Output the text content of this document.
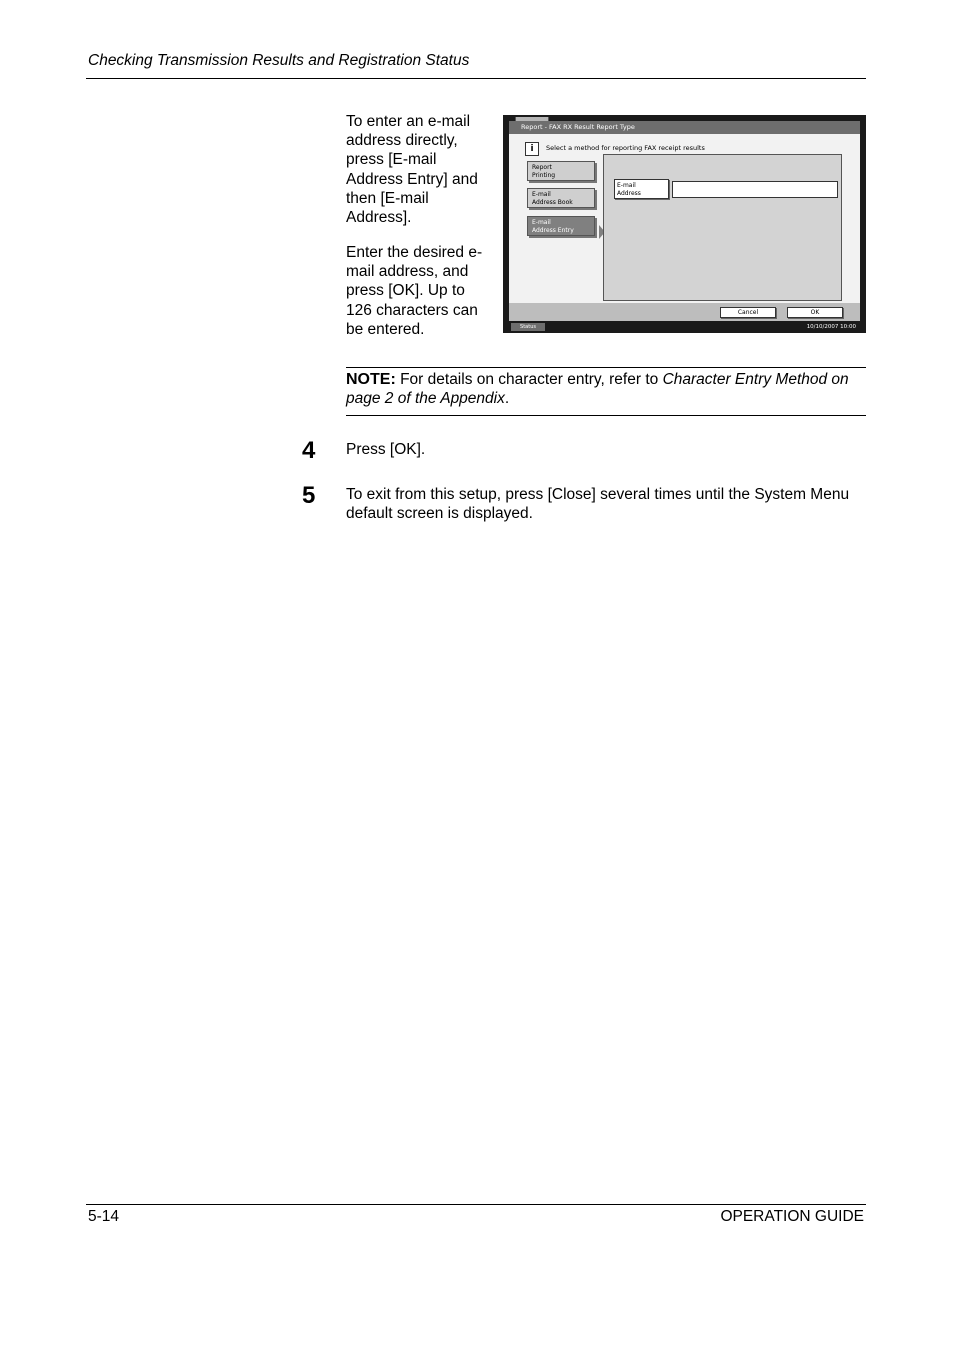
Checking Transmission Results and Registration Status
To enter an e-mail address directly, press [E-mail Address Entry] and then [E-mail Address].
Enter the desired e-mail address, and press [OK]. Up to 126 characters can be entered.
Report - FAX RX Result Report Type
i	Select a method for reporting FAX receipt results
Report
Printing
E-mail
Address Book
E-mail
Address Entry
E-mail
Address
Cancel	OK
Status	10/10/2007 10:00
NOTE: For details on character entry, refer to Character Entry Method on page 2 of the Appendix.
4 Press [OK].
5 To exit from this setup, press [Close] several times until the System Menu default screen is displayed.
5-14	OPERATION GUIDE
